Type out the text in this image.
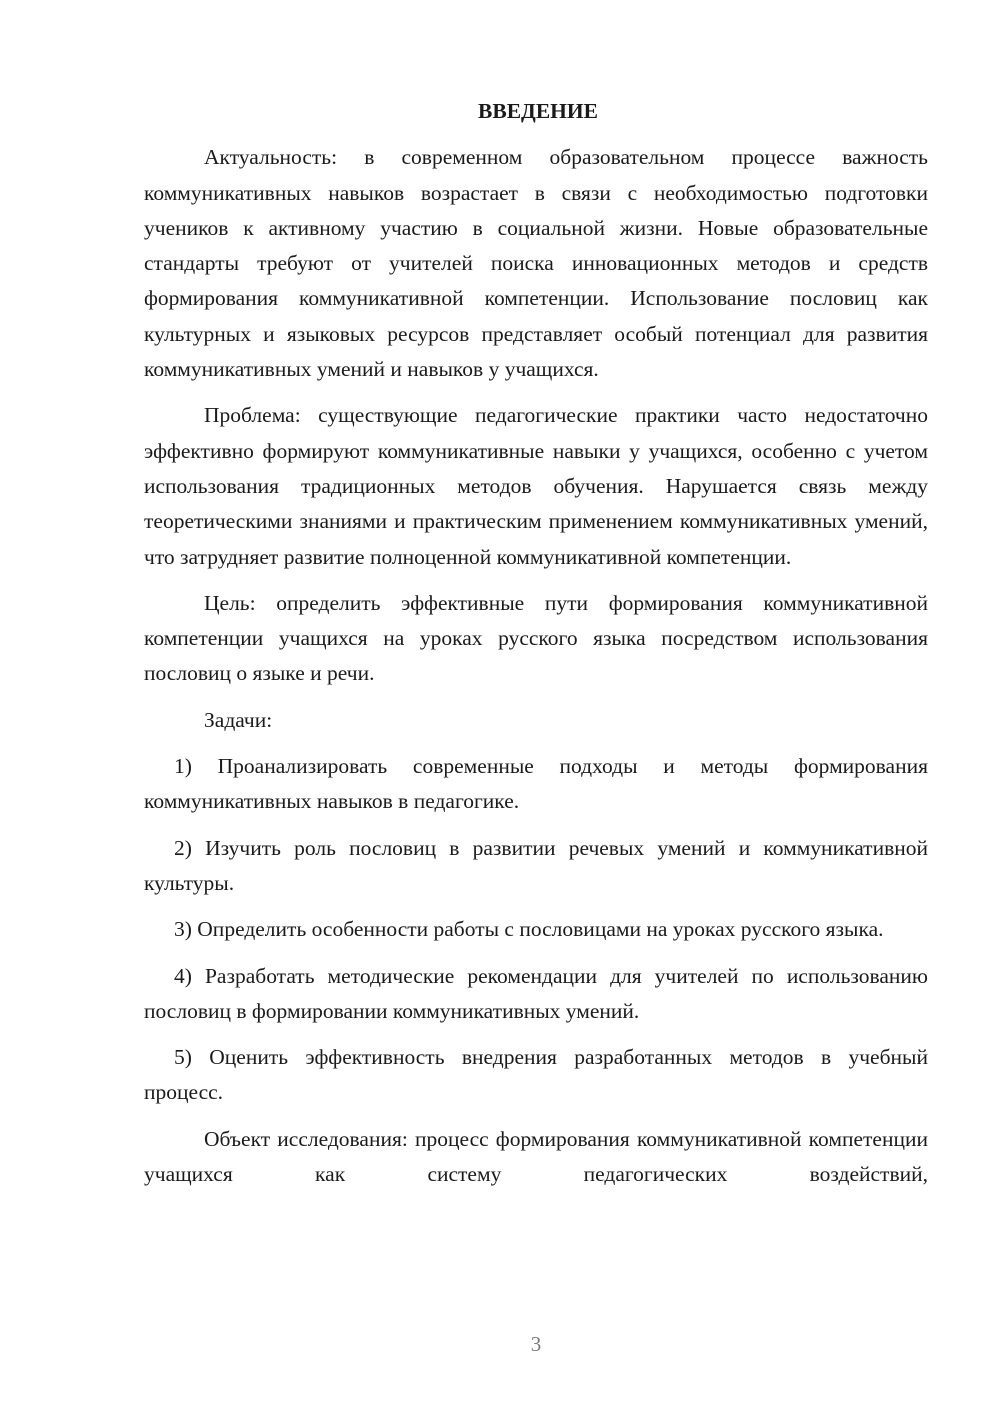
ВВЕДЕНИЕ

Актуальность: в современном образовательном процессе важность коммуникативных навыков возрастает в связи с необходимостью подготовки учеников к активному участию в социальной жизни. Новые образовательные стандарты требуют от учителей поиска инновационных методов и средств формирования коммуникативной компетенции. Использование пословиц как культурных и языковых ресурсов представляет особый потенциал для развития коммуникативных умений и навыков у учащихся.

Проблема: существующие педагогические практики часто недостаточно эффективно формируют коммуникативные навыки у учащихся, особенно с учетом использования традиционных методов обучения. Нарушается связь между теоретическими знаниями и практическим применением коммуникативных умений, что затрудняет развитие полноценной коммуникативной компетенции.

Цель: определить эффективные пути формирования коммуникативной компетенции учащихся на уроках русского языка посредством использования пословиц о языке и речи.

Задачи:

1) Проанализировать современные подходы и методы формирования коммуникативных навыков в педагогике.

2) Изучить роль пословиц в развитии речевых умений и коммуникативной культуры.

3) Определить особенности работы с пословицами на уроках русского языка.

4) Разработать методические рекомендации для учителей по использованию пословиц в формировании коммуникативных умений.

5) Оценить эффективность внедрения разработанных методов в учебный процесс.

Объект исследования: процесс формирования коммуникативной компетенции учащихся как систему педагогических воздействий,

3
